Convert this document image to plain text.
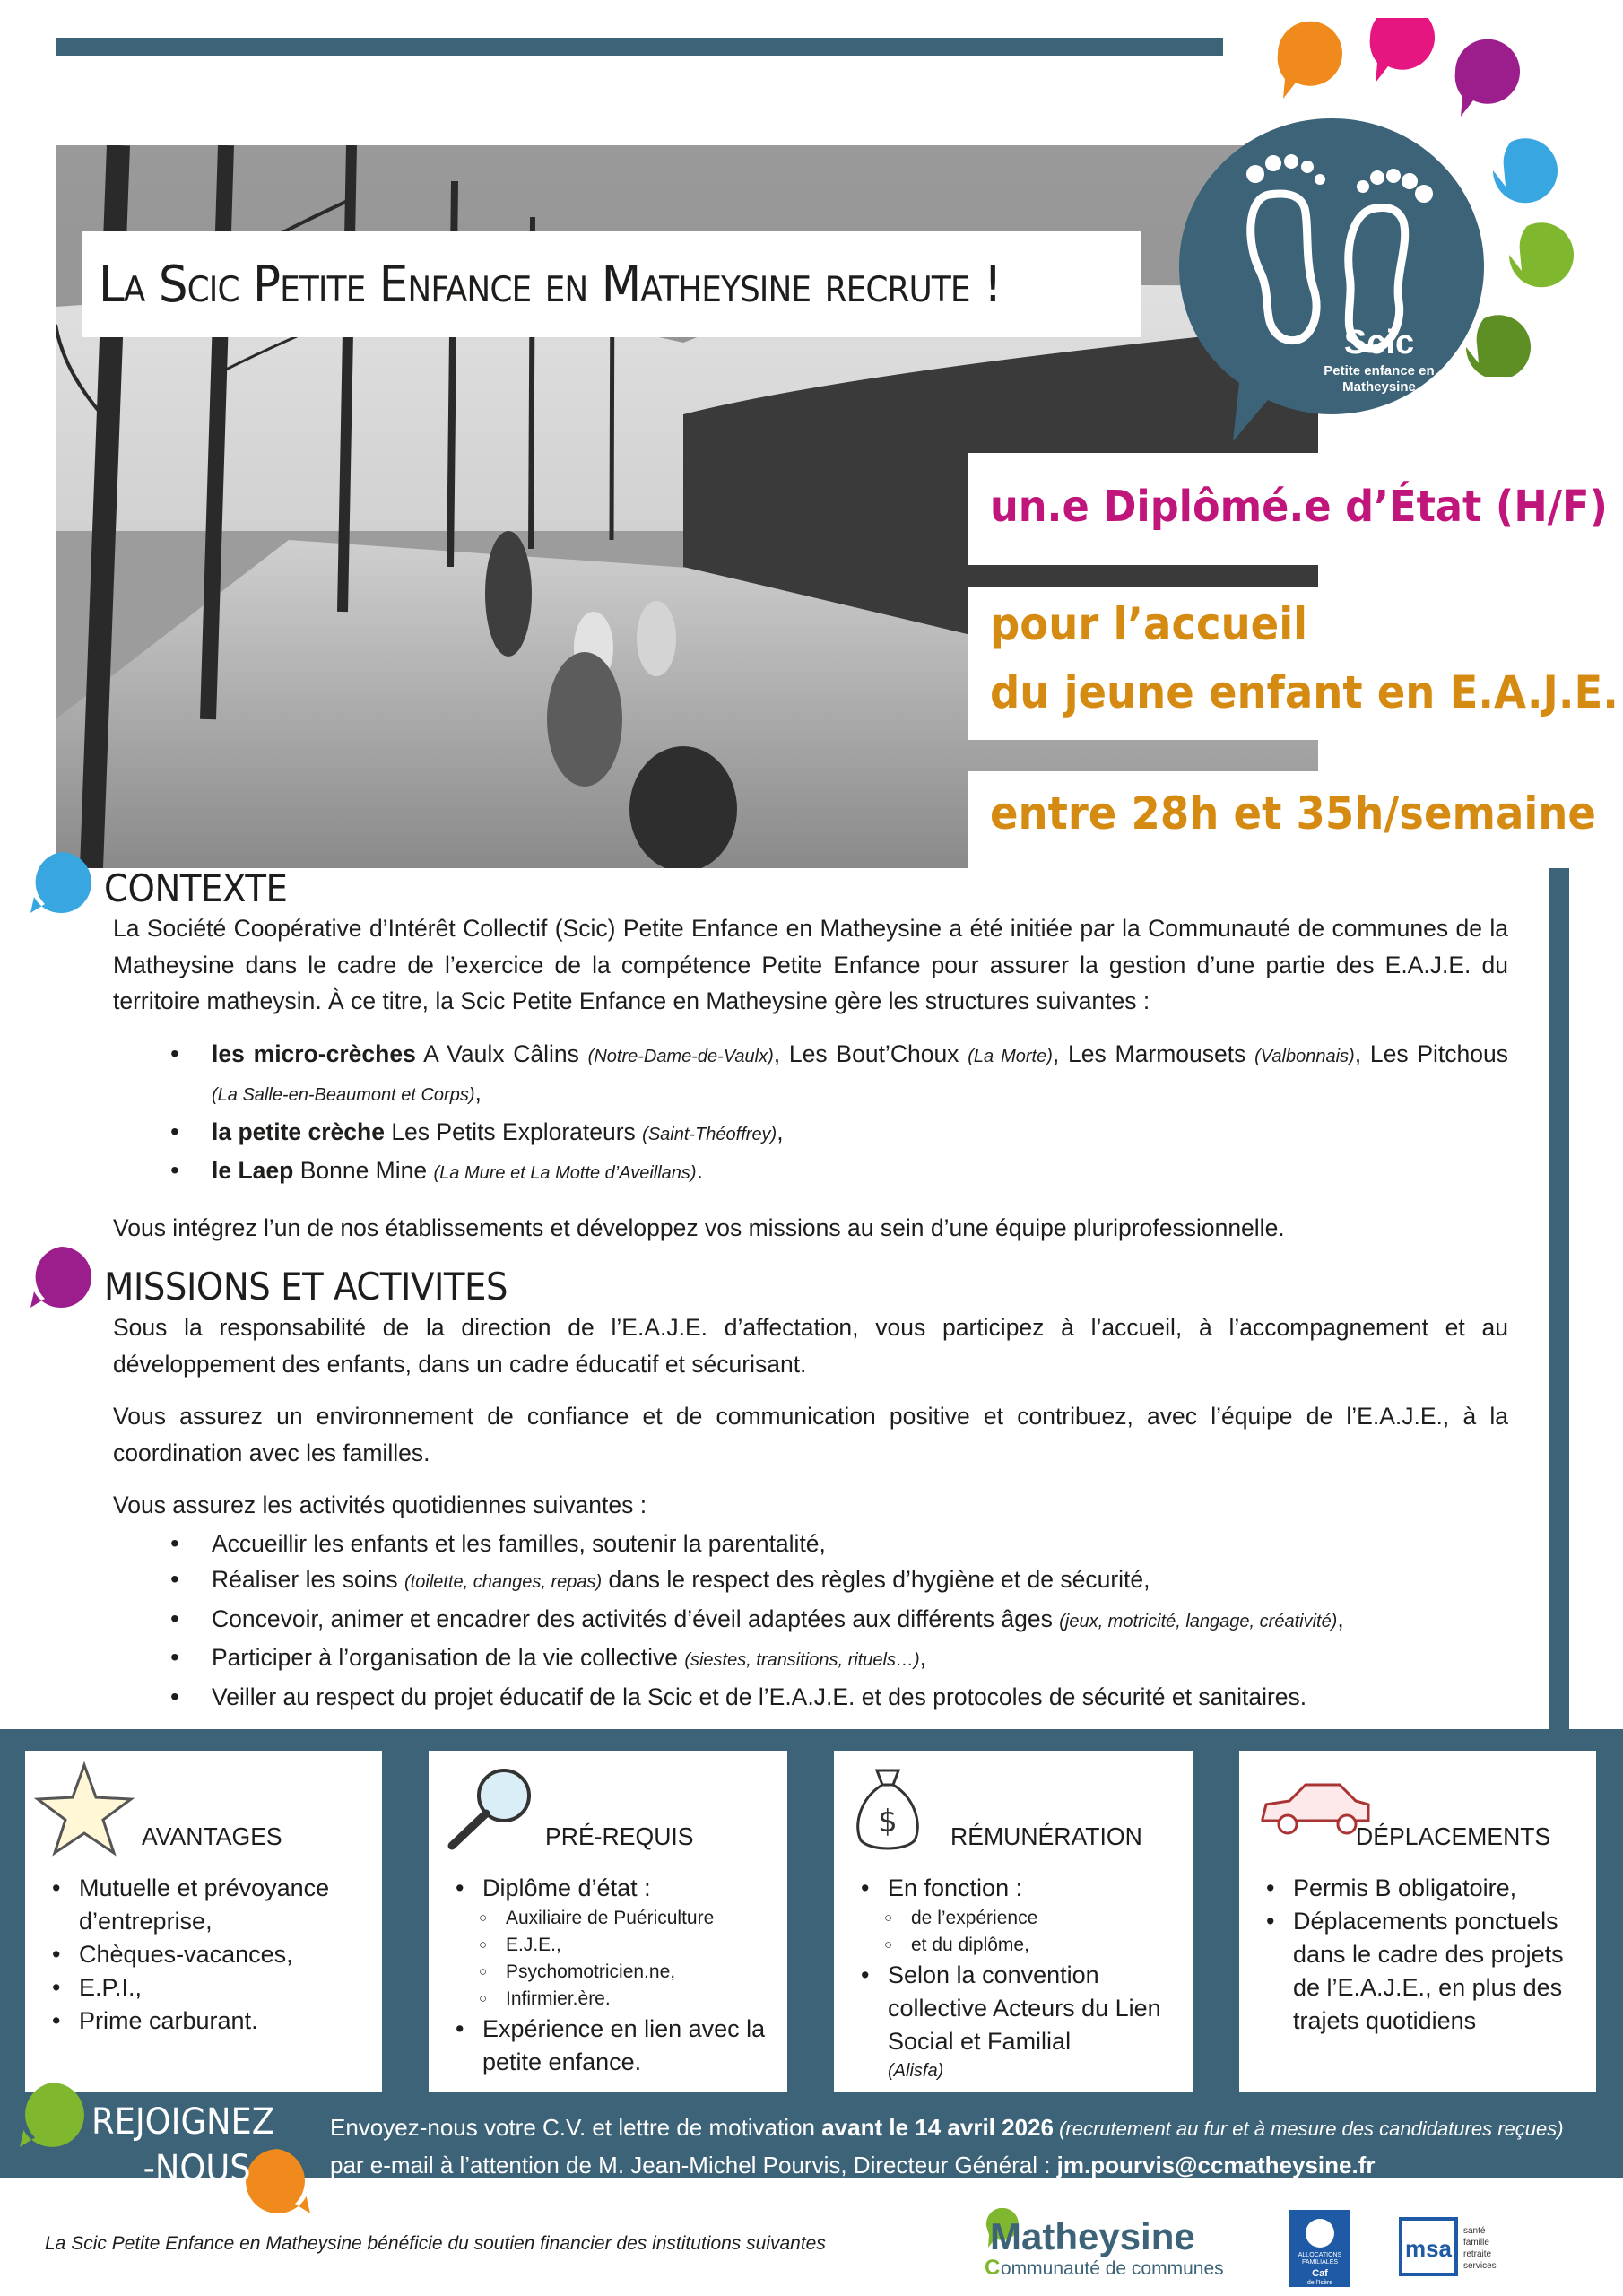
La Scic Petite Enfance en Matheysine recrute !
Scic
Petite enfance en
Matheysine
un.e Diplômé.e d’État (H/F)
pour l’accueil
du jeune enfant en E.A.J.E.
entre 28h et 35h/semaine
CONTEXTE

La Société Coopérative d’Intérêt Collectif (Scic) Petite Enfance en Matheysine a été initiée par la Communauté de communes de la Matheysine dans le cadre de l’exercice de la compétence Petite Enfance pour assurer la gestion d’une partie des E.A.J.E. du territoire matheysin. À ce titre, la Scic Petite Enfance en Matheysine gère les structures suivantes :

• les micro-crèches A Vaulx Câlins (Notre-Dame-de-Vaulx), Les Bout’Choux (La Morte), Les Marmousets (Valbonnais), Les Pitchous (La Salle-en-Beaumont et Corps),
• la petite crèche Les Petits Explorateurs (Saint-Théoffrey),
• le Laep Bonne Mine (La Mure et La Motte d’Aveillans).

Vous intégrez l’un de nos établissements et développez vos missions au sein d’une équipe pluriprofessionnelle.

MISSIONS ET ACTIVITES

Sous la responsabilité de la direction de l’E.A.J.E. d’affectation, vous participez à l’accueil, à l’accompagnement et au développement des enfants, dans un cadre éducatif et sécurisant.

Vous assurez un environnement de confiance et de communication positive et contribuez, avec l’équipe de l’E.A.J.E., à la coordination avec les familles.

Vous assurez les activités quotidiennes suivantes :

• Accueillir les enfants et les familles, soutenir la parentalité,
• Réaliser les soins (toilette, changes, repas) dans le respect des règles d’hygiène et de sécurité,
• Concevoir, animer et encadrer des activités d’éveil adaptées aux différents âges (jeux, motricité, langage, créativité),
• Participer à l’organisation de la vie collective (siestes, transitions, rituels…),
• Veiller au respect du projet éducatif de la Scic et de l’E.A.J.E. et des protocoles de sécurité et sanitaires.
AVANTAGES
• Mutuelle et prévoyance d’entreprise,
• Chèques-vacances,
• E.P.I.,
• Prime carburant.
PRÉ-REQUIS
• Diplôme d’état :
○ Auxiliaire de Puériculture
○ E.J.E.,
○ Psychomotricien.ne,
○ Infirmier.ère.
• Expérience en lien avec la petite enfance.
$ RÉMUNÉRATION
• En fonction :
○ de l’expérience
○ et du diplôme,
• Selon la convention collective Acteurs du Lien Social et Familial
(Alisfa)
DÉPLACEMENTS
• Permis B obligatoire,
• Déplacements ponctuels dans le cadre des projets de l’E.A.J.E., en plus des trajets quotidiens
REJOIGNEZ
-NOUS
Envoyez-nous votre C.V. et lettre de motivation avant le 14 avril 2026 (recrutement au fur et à mesure des candidatures reçues) par e-mail à l’attention de M. Jean-Michel Pourvis, Directeur Général : jm.pourvis@ccmatheysine.fr
La Scic Petite Enfance en Matheysine bénéficie du soutien financier des institutions suivantes	Matheysine
ommunauté de communes
C
ALLOCATIONS
FAMILIALES
Caf
de l'Isère
msa
santé
famille
retraite
services
